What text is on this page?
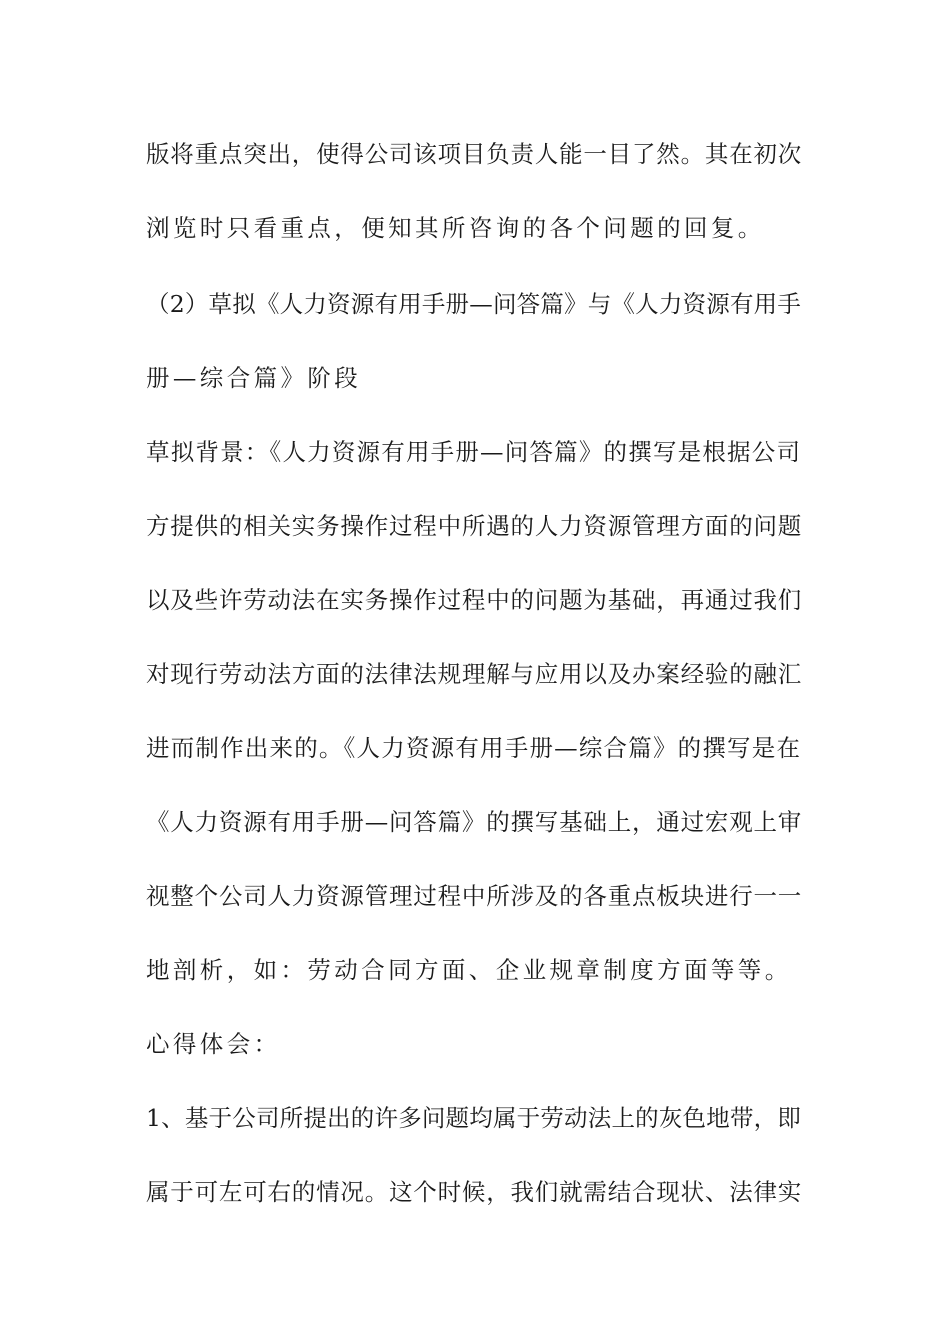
版将重点突出，使得公司该项目负责人能一目了然。其在初次
浏览时只看重点，便知其所咨询的各个问题的回复。
（2）草拟《人力资源有用手册—问答篇》与《人力资源有用手
册—综合篇》阶段
草拟背景：《人力资源有用手册—问答篇》的撰写是根据公司
方提供的相关实务操作过程中所遇的人力资源管理方面的问题
以及些许劳动法在实务操作过程中的问题为基础，再通过我们
对现行劳动法方面的法律法规理解与应用以及办案经验的融汇
进而制作出来的。《人力资源有用手册—综合篇》的撰写是在
《人力资源有用手册—问答篇》的撰写基础上，通过宏观上审
视整个公司人力资源管理过程中所涉及的各重点板块进行一一
地剖析，如：劳动合同方面、企业规章制度方面等等。
心得体会：
1、基于公司所提出的许多问题均属于劳动法上的灰色地带，即
属于可左可右的情况。这个时候，我们就需结合现状、法律实
